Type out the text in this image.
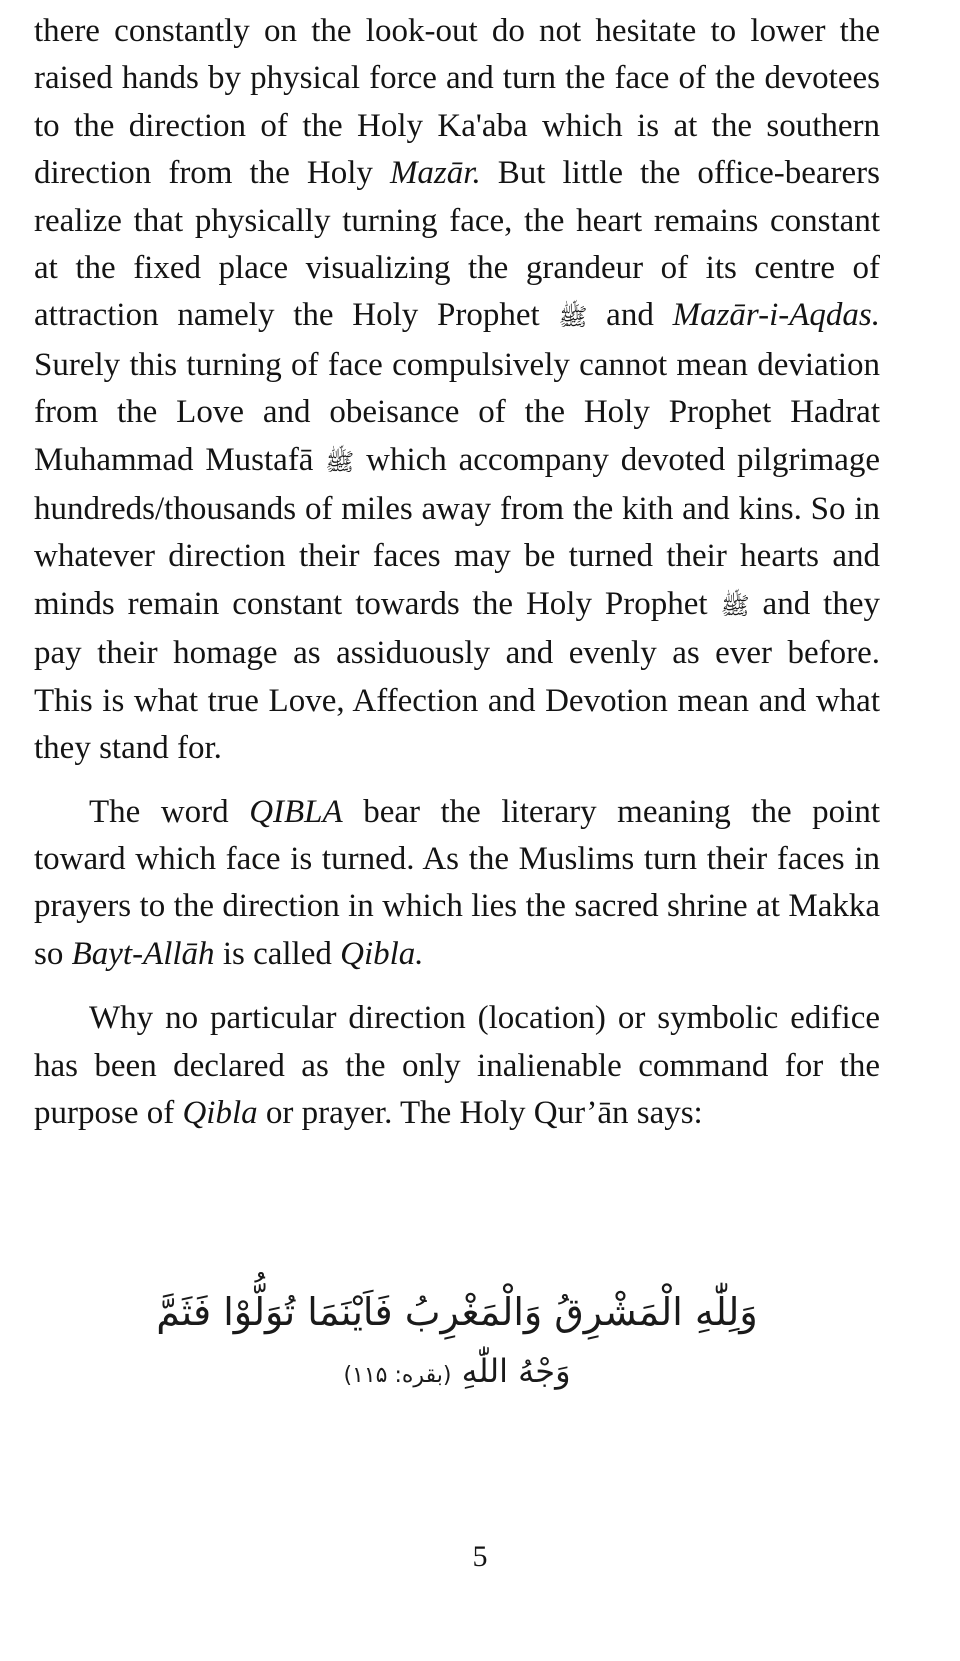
there constantly on the look-out do not hesitate to lower the raised hands by physical force and turn the face of the devotees to the direction of the Holy Ka'aba which is at the southern direction from the Holy Mazār. But little the office-bearers realize that physically turning face, the heart remains constant at the fixed place visualizing the grandeur of its centre of attraction namely the Holy Prophet ﷺ and Mazār-i-Aqdas. Surely this turning of face compulsively cannot mean deviation from the Love and obeisance of the Holy Prophet Hadrat Muhammad Mustafā ﷺ which accompany devoted pilgrimage hundreds/thousands of miles away from the kith and kins. So in whatever direction their faces may be turned their hearts and minds remain constant towards the Holy Prophet ﷺ and they pay their homage as assiduously and evenly as ever before. This is what true Love, Affection and Devotion mean and what they stand for.

The word QIBLA bear the literary meaning the point toward which face is turned. As the Muslims turn their faces in prayers to the direction in which lies the sacred shrine at Makka so Bayt-Allāh is called Qibla.

Why no particular direction (location) or symbolic edifice has been declared as the only inalienable command for the purpose of Qibla or prayer. The Holy Qur’ān says:

وَلِلّٰهِ الْمَشْرِقُ وَالْمَغْرِبُ فَاَيْنَمَا تُوَلُّوْا فَثَمَّ
وَجْهُ اللّٰهِ (بقره: ۱۱۵)
5
